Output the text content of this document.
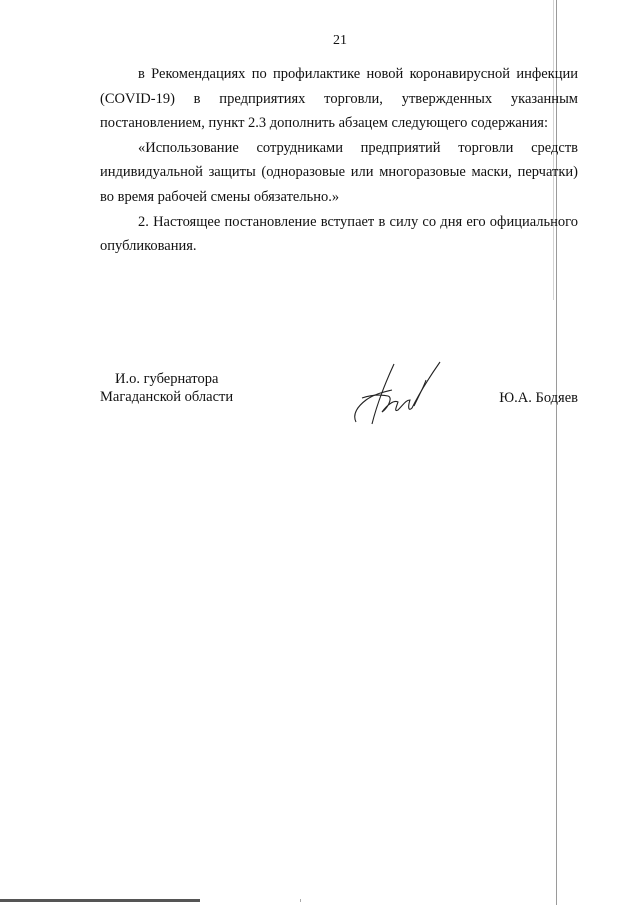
21

в Рекомендациях по профилактике новой коронавирусной инфекции (COVID-19) в предприятиях торговли, утвержденных указанным постановлением, пункт 2.3 дополнить абзацем следующего содержания:

«Использование сотрудниками предприятий торговли средств индивидуальной защиты (одноразовые или многоразовые маски, перчатки) во время рабочей смены обязательно.»

2. Настоящее постановление вступает в силу со дня его официального опубликования.

И.о. губернатора
Магаданской области	Ю.А. Бодяев
